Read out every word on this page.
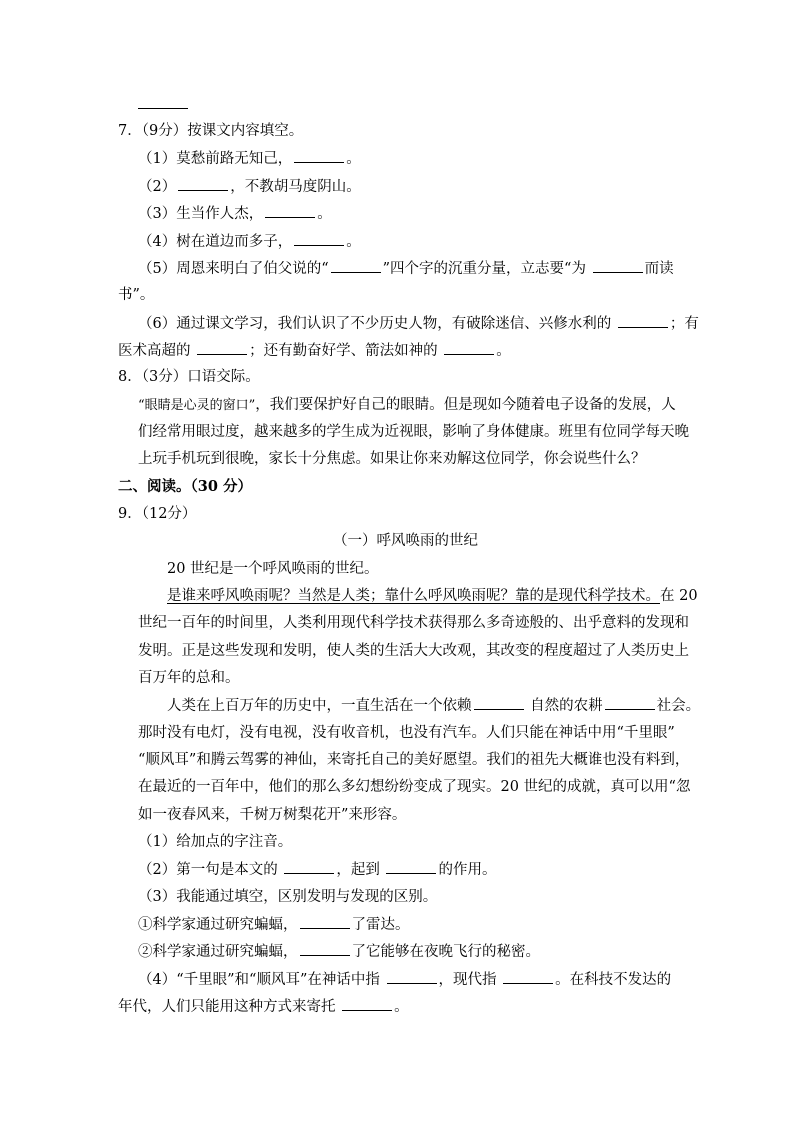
7．（9分）按课文内容填空。
（1）莫愁前路无知己，	。
（2）	，不教胡马度阴山。
（3）生当作人杰，	。
（4）树在道边而多子，	。
（5）周恩来明白了伯父说的“	”四个字的沉重分量，立志要“为	而读
书”。
（6）通过课文学习，我们认识了不少历史人物，有破除迷信、兴修水利的	；有
医术高超的	；还有勤奋好学、箭法如神的	。
8．（3分）口语交际。
“眼睛是心灵的窗口”，我们要保护好自己的眼睛。但是现如今随着电子设备的发展，人
们经常用眼过度，越来越多的学生成为近视眼，影响了身体健康。班里有位同学每天晚
上玩手机玩到很晚，家长十分焦虑。如果让你来劝解这位同学，你会说些什么？
二、阅读。（30 分）
9．（12分）
（一）呼风唤雨的世纪
20 世纪是一个呼风唤雨的世纪。
是谁来呼风唤雨呢？当然是人类；靠什么呼风唤雨呢？靠的是现代科学技术。在 20
世纪一百年的时间里，人类利用现代科学技术获得那么多奇迹般的、出乎意料的发现和
发明。正是这些发现和发明，使人类的生活大大改观，其改变的程度超过了人类历史上
百万年的总和。
人类在上百万年的历史中，一直生活在一个依赖	自然的农耕	社会。
那时没有电灯，没有电视，没有收音机，也没有汽车。人们只能在神话中用“千里眼”
“顺风耳”和腾云驾雾的神仙，来寄托自己的美好愿望。我们的祖先大概谁也没有料到，
在最近的一百年中，他们的那么多幻想纷纷变成了现实。20 世纪的成就，真可以用“忽
如一夜春风来，千树万树梨花开”来形容。
（1）给加点的字注音。
（2）第一句是本文的	，起到	的作用。
（3）我能通过填空，区别发明与发现的区别。
①科学家通过研究蝙蝠，	了雷达。
②科学家通过研究蝙蝠，	了它能够在夜晚飞行的秘密。
（4）“千里眼”和“顺风耳”在神话中指	，现代指	。在科技不发达的
年代，人们只能用这种方式来寄托	。
